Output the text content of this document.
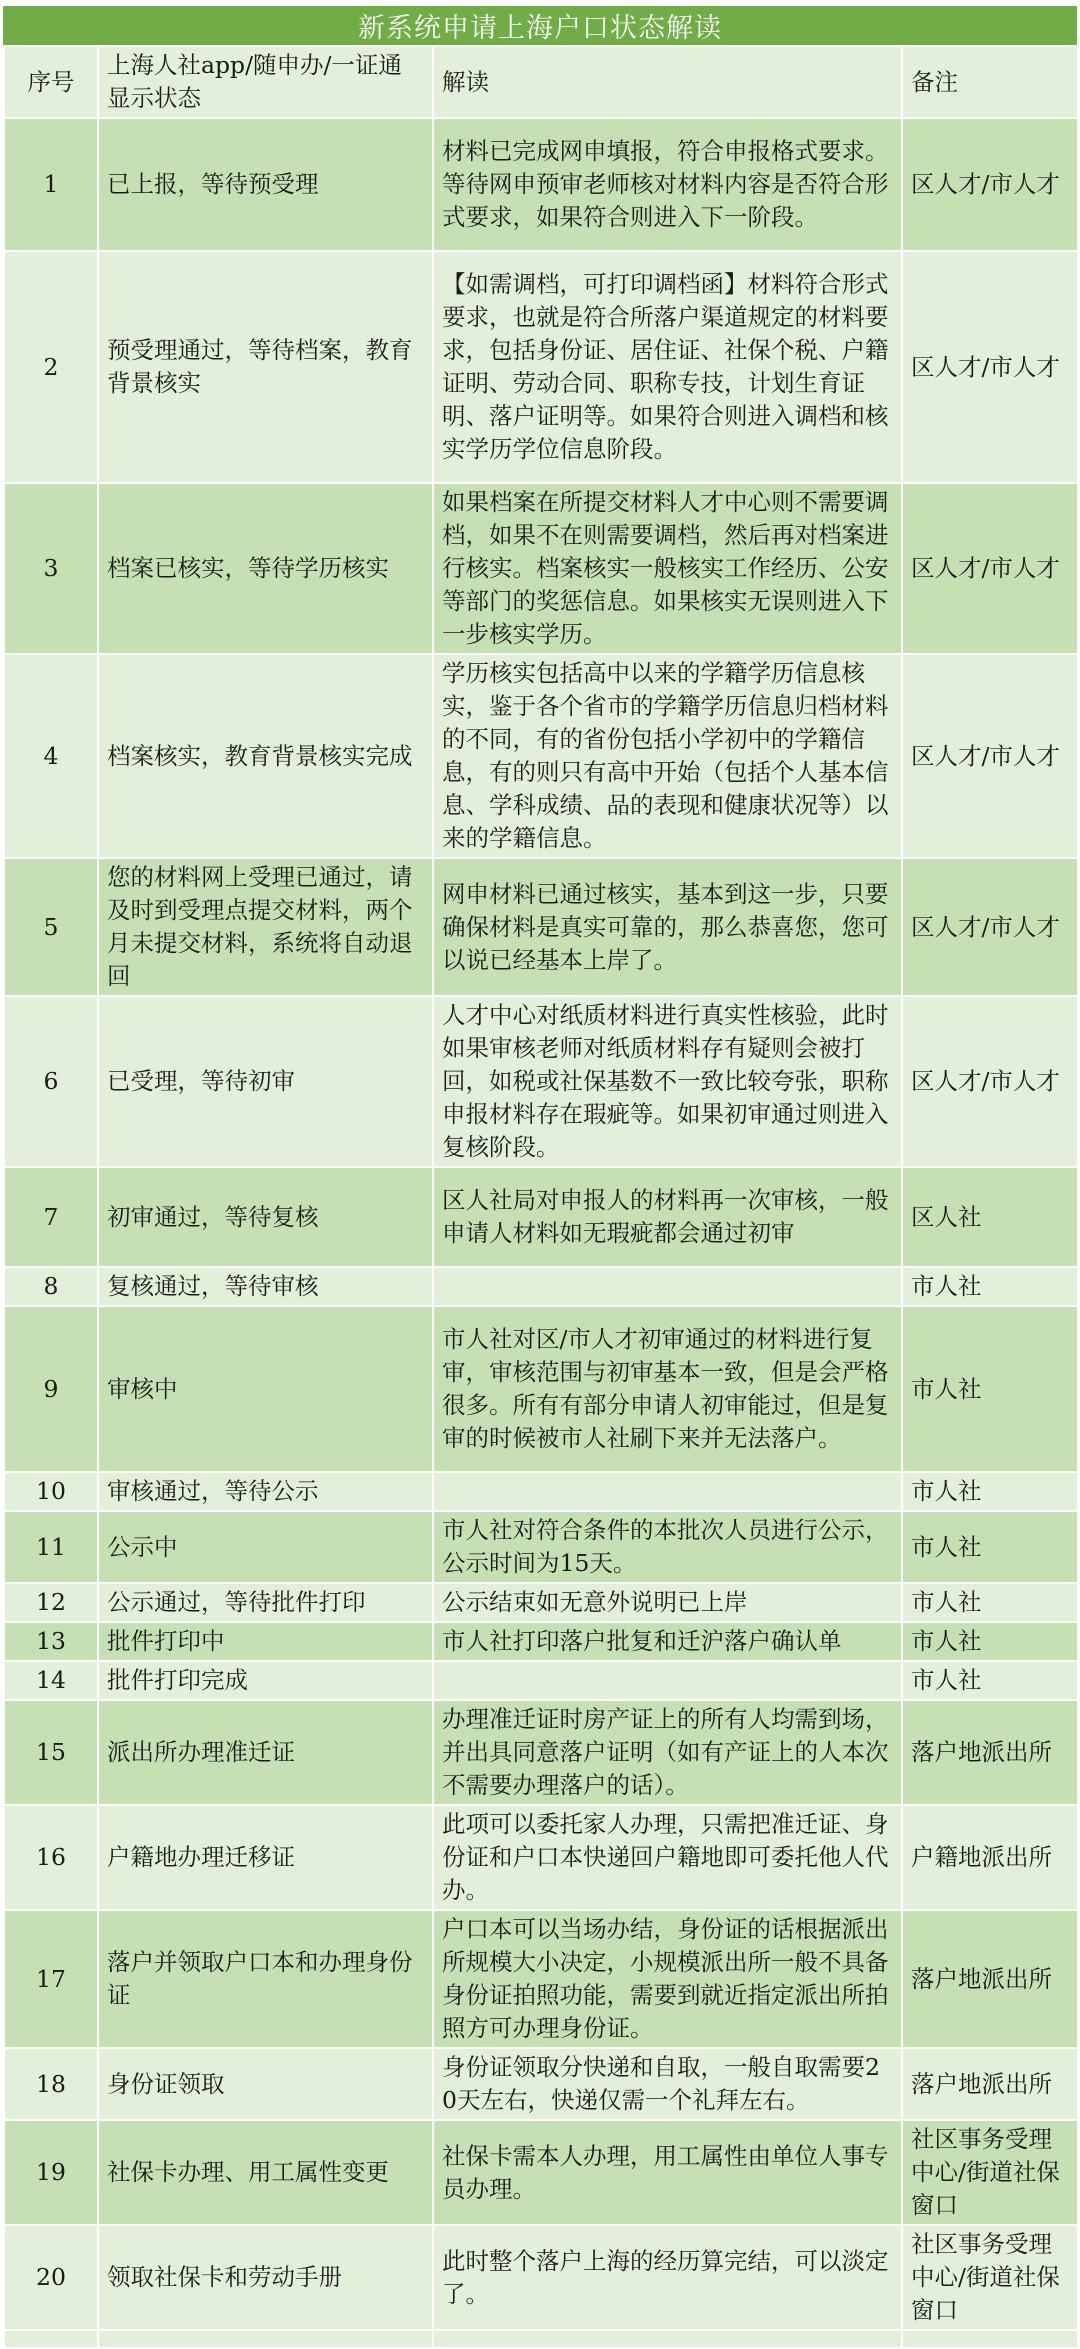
新系统申请上海户口状态解读
序号	上海人社app/随申办/一证通显示状态	解读	备注
1	已上报，等待预受理	材料已完成网申填报，符合申报格式要求。等待网申预审老师核对材料内容是否符合形式要求，如果符合则进入下一阶段。	区人才/市人才
2	预受理通过，等待档案，教育背景核实	【如需调档，可打印调档函】材料符合形式要求，也就是符合所落户渠道规定的材料要求，包括身份证、居住证、社保个税、户籍证明、劳动合同、职称专技，计划生育证明、落户证明等。如果符合则进入调档和核实学历学位信息阶段。	区人才/市人才
3	档案已核实，等待学历核实	如果档案在所提交材料人才中心则不需要调档，如果不在则需要调档，然后再对档案进行核实。档案核实一般核实工作经历、公安等部门的奖惩信息。如果核实无误则进入下一步核实学历。	区人才/市人才
4	档案核实，教育背景核实完成	学历核实包括高中以来的学籍学历信息核实，鉴于各个省市的学籍学历信息归档材料的不同，有的省份包括小学初中的学籍信息，有的则只有高中开始（包括个人基本信息、学科成绩、品的表现和健康状况等）以来的学籍信息。	区人才/市人才
5	您的材料网上受理已通过，请及时到受理点提交材料，两个月未提交材料，系统将自动退回	网申材料已通过核实，基本到这一步，只要确保材料是真实可靠的，那么恭喜您，您可以说已经基本上岸了。	区人才/市人才
6	已受理，等待初审	人才中心对纸质材料进行真实性核验，此时如果审核老师对纸质材料存有疑则会被打回，如税或社保基数不一致比较夸张，职称申报材料存在瑕疵等。如果初审通过则进入复核阶段。	区人才/市人才
7	初审通过，等待复核	区人社局对申报人的材料再一次审核，一般申请人材料如无瑕疵都会通过初审	区人社
8	复核通过，等待审核		市人社
9	审核中	市人社对区/市人才初审通过的材料进行复审，审核范围与初审基本一致，但是会严格很多。所有有部分申请人初审能过，但是复审的时候被市人社刷下来并无法落户。	市人社
10	审核通过，等待公示		市人社
11	公示中	市人社对符合条件的本批次人员进行公示，公示时间为15天。	市人社
12	公示通过，等待批件打印	公示结束如无意外说明已上岸	市人社
13	批件打印中	市人社打印落户批复和迁沪落户确认单	市人社
14	批件打印完成		市人社
15	派出所办理准迁证	办理准迁证时房产证上的所有人均需到场，并出具同意落户证明（如有产证上的人本次不需要办理落户的话）。	落户地派出所
16	户籍地办理迁移证	此项可以委托家人办理，只需把准迁证、身份证和户口本快递回户籍地即可委托他人代办。	户籍地派出所
17	落户并领取户口本和办理身份证	户口本可以当场办结，身份证的话根据派出所规模大小决定，小规模派出所一般不具备身份证拍照功能，需要到就近指定派出所拍照方可办理身份证。	落户地派出所
18	身份证领取	身份证领取分快递和自取，一般自取需要20天左右，快递仅需一个礼拜左右。	落户地派出所
19	社保卡办理、用工属性变更	社保卡需本人办理，用工属性由单位人事专员办理。	社区事务受理中心/街道社保窗口
20	领取社保卡和劳动手册	此时整个落户上海的经历算完结，可以淡定了。	社区事务受理中心/街道社保窗口
